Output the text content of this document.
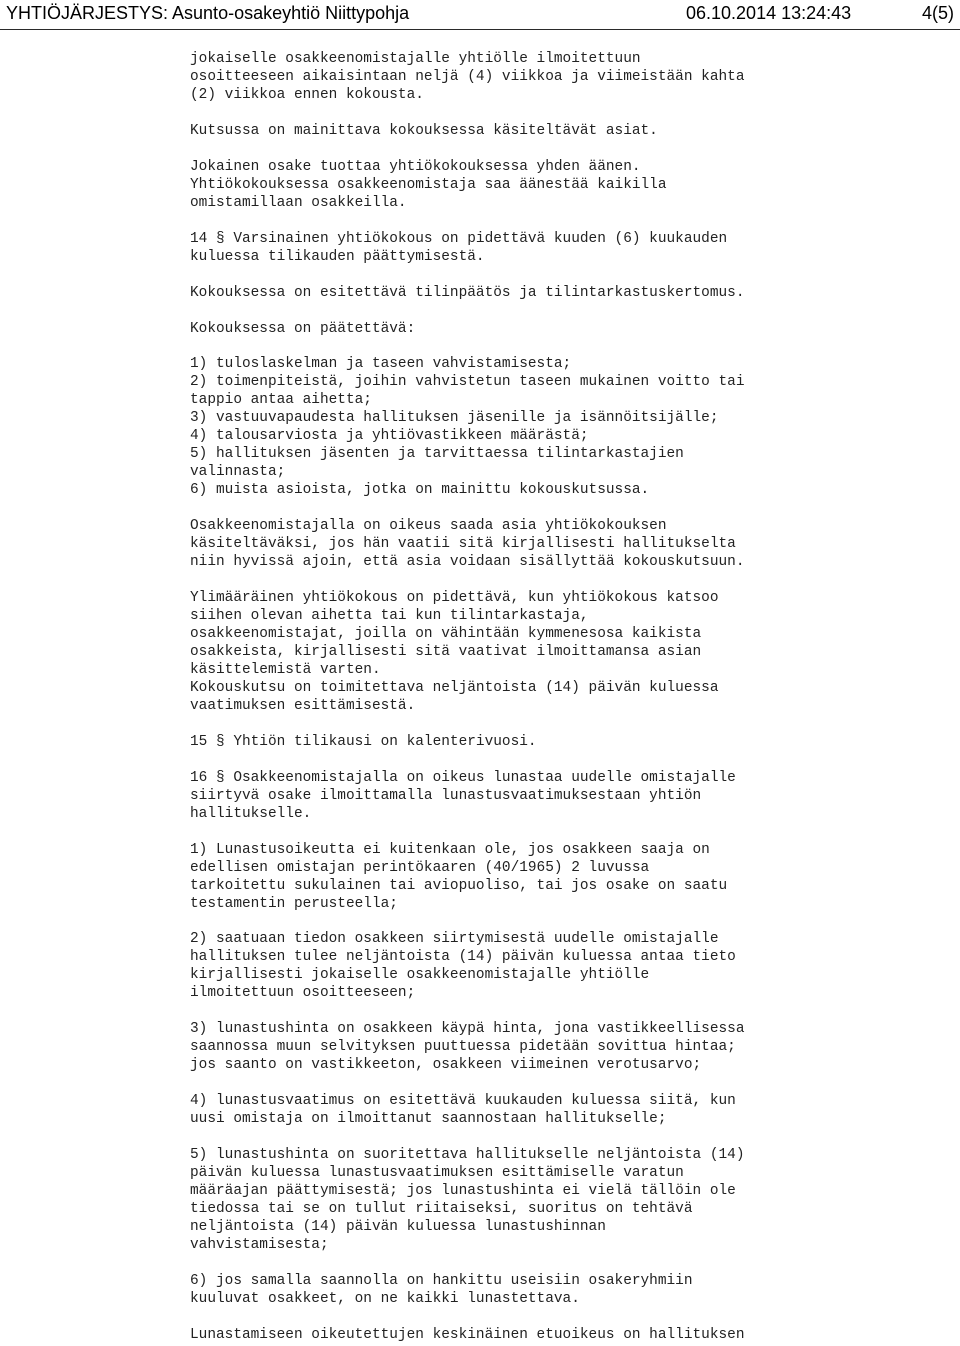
YHTIÖJÄRJESTYS: Asunto-osakeyhtiö Niittypohja	06.10.2014 13:24:43	4(5)
jokaiselle osakkeenomistajalle yhtiölle ilmoitettuun
osoitteeseen aikaisintaan neljä (4) viikkoa ja viimeistään kahta
(2) viikkoa ennen kokousta.
Kutsussa on mainittava kokouksessa käsiteltävät asiat.
Jokainen osake tuottaa yhtiökokouksessa yhden äänen.
Yhtiökokouksessa osakkeenomistaja saa äänestää kaikilla
omistamillaan osakkeilla.
14 § Varsinainen yhtiökokous on pidettävä kuuden (6) kuukauden
kuluessa tilikauden päättymisestä.
Kokouksessa on esitettävä tilinpäätös ja tilintarkastuskertomus.
Kokouksessa on päätettävä:
1) tuloslaskelman ja taseen vahvistamisesta;
2) toimenpiteistä, joihin vahvistetun taseen mukainen voitto tai
tappio antaa aihetta;
3) vastuuvapaudesta hallituksen jäsenille ja isännöitsijälle;
4) talousarviosta ja yhtiövastikkeen määrästä;
5) hallituksen jäsenten ja tarvittaessa tilintarkastajien
valinnasta;
6) muista asioista, jotka on mainittu kokouskutsussa.
Osakkeenomistajalla on oikeus saada asia yhtiökokouksen
käsiteltäväksi, jos hän vaatii sitä kirjallisesti hallitukselta
niin hyvissä ajoin, että asia voidaan sisällyttää kokouskutsuun.
Ylimääräinen yhtiökokous on pidettävä, kun yhtiökokous katsoo
siihen olevan aihetta tai kun tilintarkastaja,
osakkeenomistajat, joilla on vähintään kymmenesosa kaikista
osakkeista, kirjallisesti sitä vaativat ilmoittamansa asian
käsittelemistä varten.
Kokouskutsu on toimitettava neljäntoista (14) päivän kuluessa
vaatimuksen esittämisestä.
15 § Yhtiön tilikausi on kalenterivuosi.
16 § Osakkeenomistajalla on oikeus lunastaa uudelle omistajalle
siirtyvä osake ilmoittamalla lunastusvaatimuksestaan yhtiön
hallitukselle.
1) Lunastusoikeutta ei kuitenkaan ole, jos osakkeen saaja on
edellisen omistajan perintökaaren (40/1965) 2 luvussa
tarkoitettu sukulainen tai aviopuoliso, tai jos osake on saatu
testamentin perusteella;
2) saatuaan tiedon osakkeen siirtymisestä uudelle omistajalle
hallituksen tulee neljäntoista (14) päivän kuluessa antaa tieto
kirjallisesti jokaiselle osakkeenomistajalle yhtiölle
ilmoitettuun osoitteeseen;
3) lunastushinta on osakkeen käypä hinta, jona vastikkeellisessa
saannossa muun selvityksen puuttuessa pidetään sovittua hintaa;
jos saanto on vastikkeeton, osakkeen viimeinen verotusarvo;
4) lunastusvaatimus on esitettävä kuukauden kuluessa siitä, kun
uusi omistaja on ilmoittanut saannostaan hallitukselle;
5) lunastushinta on suoritettava hallitukselle neljäntoista (14)
päivän kuluessa lunastusvaatimuksen esittämiselle varatun
määräajan päättymisestä; jos lunastushinta ei vielä tällöin ole
tiedossa tai se on tullut riitaiseksi, suoritus on tehtävä
neljäntoista (14) päivän kuluessa lunastushinnan
vahvistamisesta;
6) jos samalla saannolla on hankittu useisiin osakeryhmiin
kuuluvat osakkeet, on ne kaikki lunastettava.
Lunastamiseen oikeutettujen keskinäinen etuoikeus on hallituksen
